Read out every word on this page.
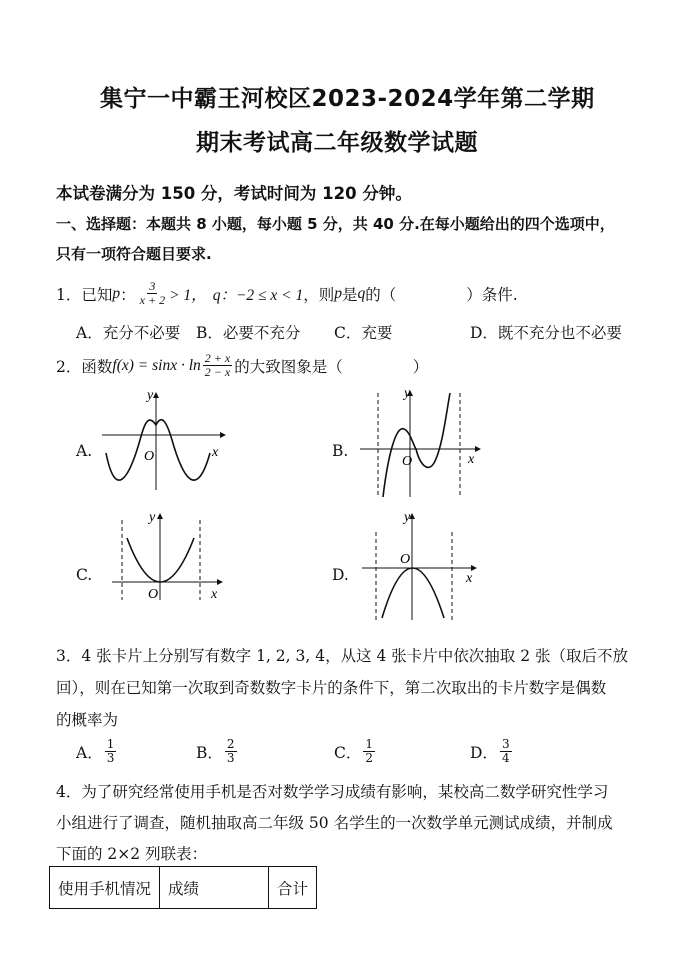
集宁一中霸王河校区2023-2024学年第二学期
期末考试高二年级数学试题
本试卷满分为 150 分，考试时间为 120 分钟。
一、选择题：本题共 8 小题，每小题 5 分，共 40 分.在每小题给出的四个选项中，
只有一项符合题目要求.
1． 已知 p ： $\frac{3}{x + 2} > 1$， q：−2 ≤ x < 1 ，则 p 是 q 的（	）条件.
A．充分不必要 B．必要不充分 C．充要	D．既不充分也不必要
2． 函数 $f(x) = \sin x \cdot \ln \frac{2 + x}{2 - x}$ 的大致图象是（	）
A.	B.
C.	D.
y
x
O
y
x
O
y
x
O
y
x
O
3．4 张卡片上分别写有数字 1, 2, 3, 4，从这 4 张卡片中依次抽取 2 张（取后不放
回），则在已知第一次取到奇数数字卡片的条件下，第二次取出的卡片数字是偶数
的概率为
A． $\frac{1}{3}$	B． $\frac{2}{3}$	C． $\frac{1}{2}$	D． $\frac{3}{4}$
4．为了研究经常使用手机是否对数学学习成绩有影响，某校高二数学研究性学习
小组进行了调查，随机抽取高二年级 50 名学生的一次数学单元测试成绩，并制成
下面的 2×2 列联表：
使用手机情况	成绩	合计
